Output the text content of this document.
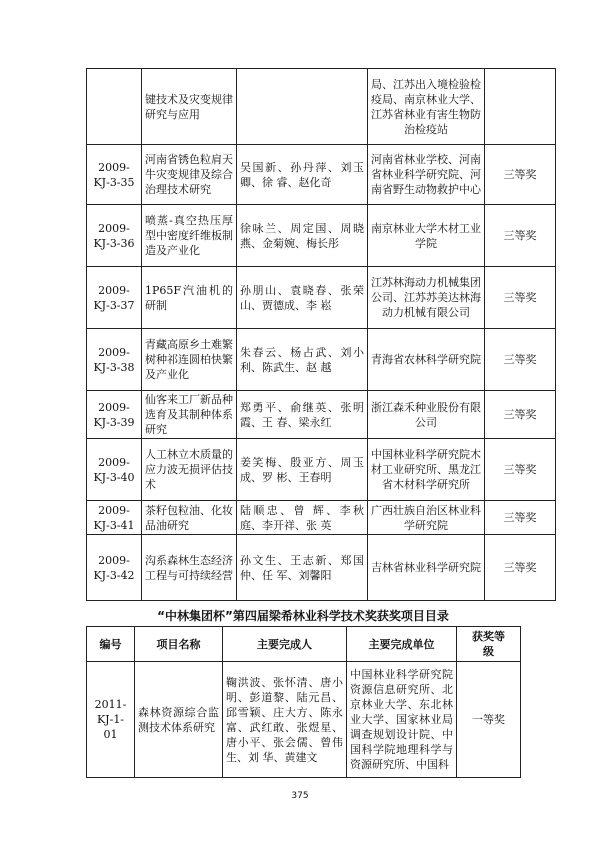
	键技术及灾变规律研究与应用		局、江苏出入境检验检疫局、南京林业大学、江苏省林业有害生物防治检疫站	
2009-KJ-3-35	河南省锈色粒肩天牛灾变规律及综合治理技术研究	吴国新、孙丹萍、刘玉卿、徐 睿、赵化奇	河南省林业学校、河南省林业科学研究院、河南省野生动物救护中心	三等奖
2009-KJ-3-36	喷蒸-真空热压厚型中密度纤维板制造及产业化	徐咏兰、周定国、周晓燕、金菊婉、梅长彤	南京林业大学木材工业学院	三等奖
2009-KJ-3-37	1P65F汽油机的研制	孙朋山、袁晓春、张荣山、贾德成、李 崧	江苏林海动力机械集团公司、江苏苏美达林海动力机械有限公司	三等奖
2009-KJ-3-38	青藏高原乡土难繁树种祁连圆柏快繁及产业化	朱春云、杨占武、刘小利、陈武生、赵 越	青海省农林科学研究院	三等奖
2009-KJ-3-39	仙客来工厂新品种选育及其制种体系研究	郑勇平、俞继英、张明霞、王 春、梁永红	浙江森禾种业股份有限公司	三等奖
2009-KJ-3-40	人工林立木质量的应力波无损评估技术	姜笑梅、殷亚方、周玉成、罗 彬、王春明	中国林业科学研究院木材工业研究所、黑龙江省木材科学研究所	三等奖
2009-KJ-3-41	茶籽包粒油、化妆品油研究	陆顺忠、曾 辉、李秋庭、李开祥、张 英	广西壮族自治区林业科学研究院	三等奖
2009-KJ-3-42	沟系森林生态经济工程与可持续经营	孙文生、王志新、郑国仲、任 军、刘馨阳	吉林省林业科学研究院	三等奖
“中林集团杯”第四届梁希林业科学技术奖获奖项目目录
编号	项目名称	主要完成人	主要完成单位	获奖等级
2011-KJ-1-01	森林资源综合监测技术体系研究	鞠洪波、张怀清、唐小明、彭道黎、陆元昌、邱雪颖、庄大方、陈永富、武红敢、张煜星、唐小平、张会儒、曾伟生、刘 华、黄建文	中国林业科学研究院资源信息研究所、北京林业大学、东北林业大学、国家林业局调查规划设计院、中国科学院地理科学与资源研究所、中国科	一等奖
375
